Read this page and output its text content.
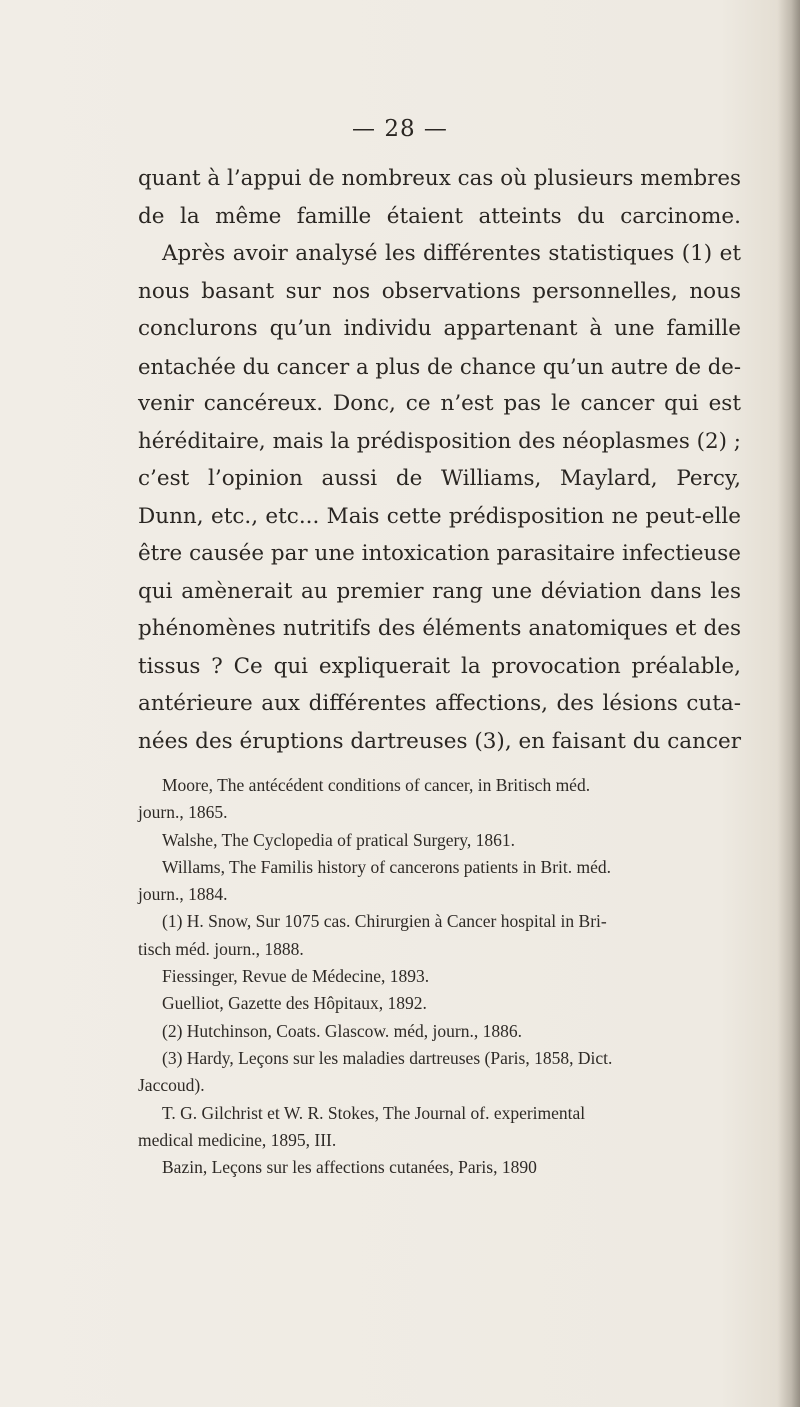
— 28 —
quant à l’appui de nombreux cas où plusieurs membres
de la même famille étaient atteints du carcinome.
Après avoir analysé les différentes statistiques (1) et
nous basant sur nos observations personnelles, nous
conclurons qu’un individu appartenant à une famille
entachée du cancer a plus de chance qu’un autre de de-
venir cancéreux. Donc, ce n’est pas le cancer qui est
héréditaire, mais la prédisposition des néoplasmes (2) ;
c’est l’opinion aussi de Williams, Maylard, Percy,
Dunn, etc., etc... Mais cette prédisposition ne peut-elle
être causée par une intoxication parasitaire infectieuse
qui amènerait au premier rang une déviation dans les
phénomènes nutritifs des éléments anatomiques et des
tissus ? Ce qui expliquerait la provocation préalable,
antérieure aux différentes affections, des lésions cuta-
nées des éruptions dartreuses (3), en faisant du cancer
Moore, The antécédent conditions of cancer, in Britisch méd.
journ., 1865.
Walshe, The Cyclopedia of pratical Surgery, 1861.
Willams, The Familis history of cancerons patients in Brit. méd.
journ., 1884.
(1) H. Snow, Sur 1075 cas. Chirurgien à Cancer hospital in Bri-
tisch méd. journ., 1888.
Fiessinger, Revue de Médecine, 1893.
Guelliot, Gazette des Hôpitaux, 1892.
(2) Hutchinson, Coats. Glascow. méd, journ., 1886.
(3) Hardy, Leçons sur les maladies dartreuses (Paris, 1858, Dict.
Jaccoud).
T. G. Gilchrist et W. R. Stokes, The Journal of. experimental
medical medicine, 1895, III.
Bazin, Leçons sur les affections cutanées, Paris, 1890
